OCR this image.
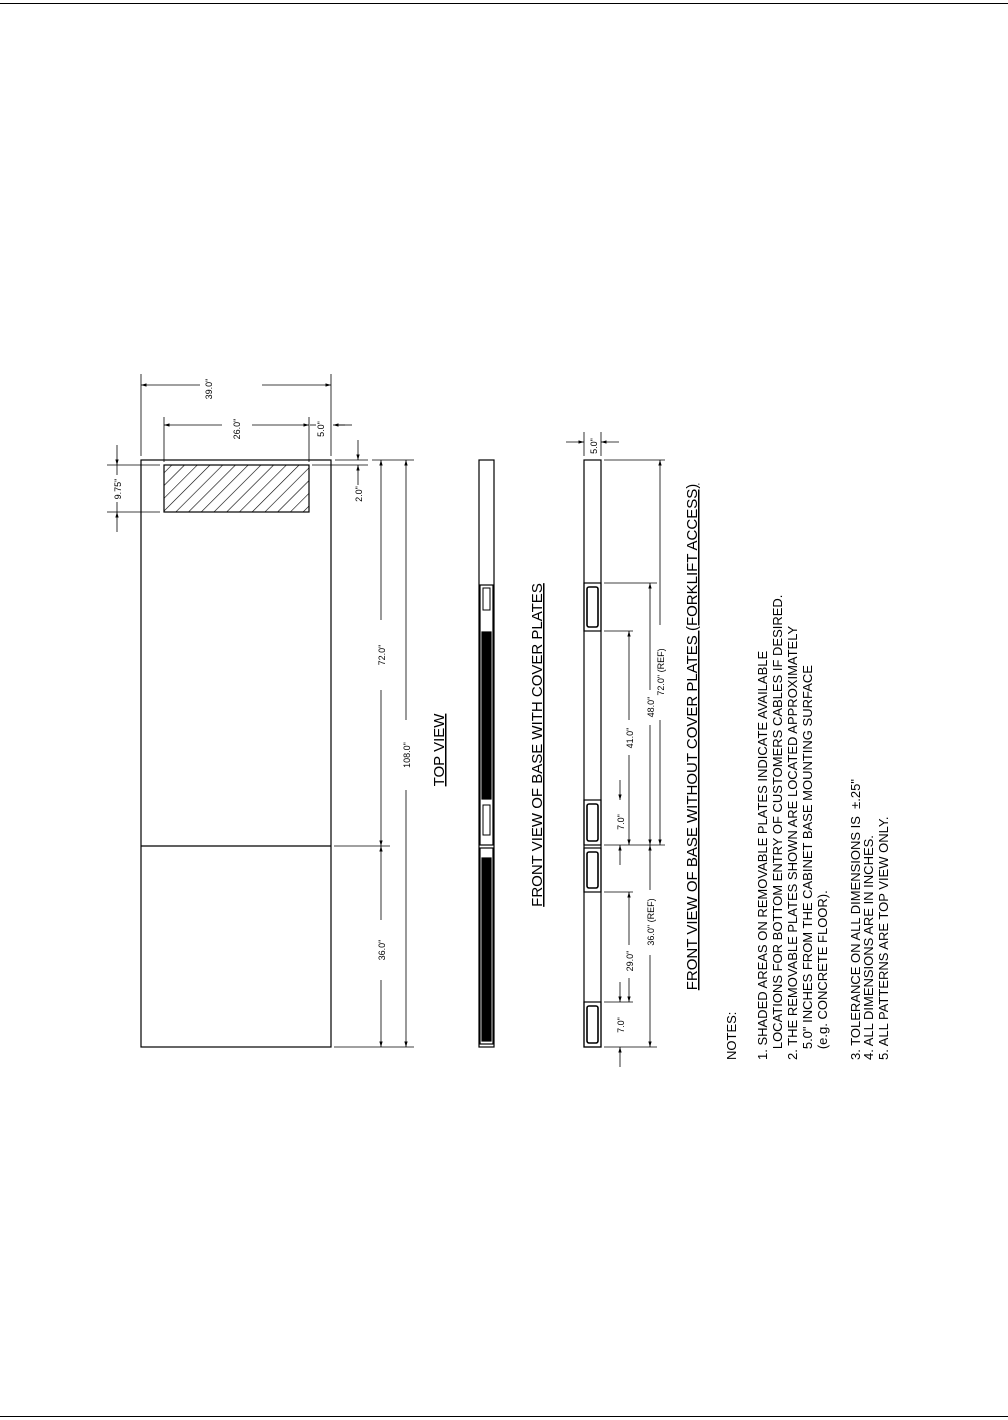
39.0"
26.0"	5.0"
9.75"	2.0"
72.0"
36.0"
108.0" TOP VIEW	FRONT VIEW OF BASE WITH COVER PLATES
5.0"
72.0" (REF)
48.0"
41.0"
7.0"
36.0" (REF)
29.0"
7.0"
FRONT VIEW OF BASE WITHOUT COVER PLATES (FORKLIFT ACCESS)
NOTES: 1. SHADED AREAS ON REMOVABLE PLATES INDICATE AVAILABLE LOCATIONS FOR BOTTOM ENTRY OF CUSTOMERS CABLES IF DESIRED. 2. THE REMOVABLE PLATES SHOWN ARE LOCATED APPROXIMATELY 5.0" INCHES FROM THE CABINET BASE MOUNTING SURFACE (e.g. CONCRETE FLOOR). 3. TOLERANCE ON ALL DIMENSIONS IS  ±.25"
4. ALL DIMENSIONS ARE IN INCHES. 5. ALL PATTERNS ARE TOP VIEW ONLY.
